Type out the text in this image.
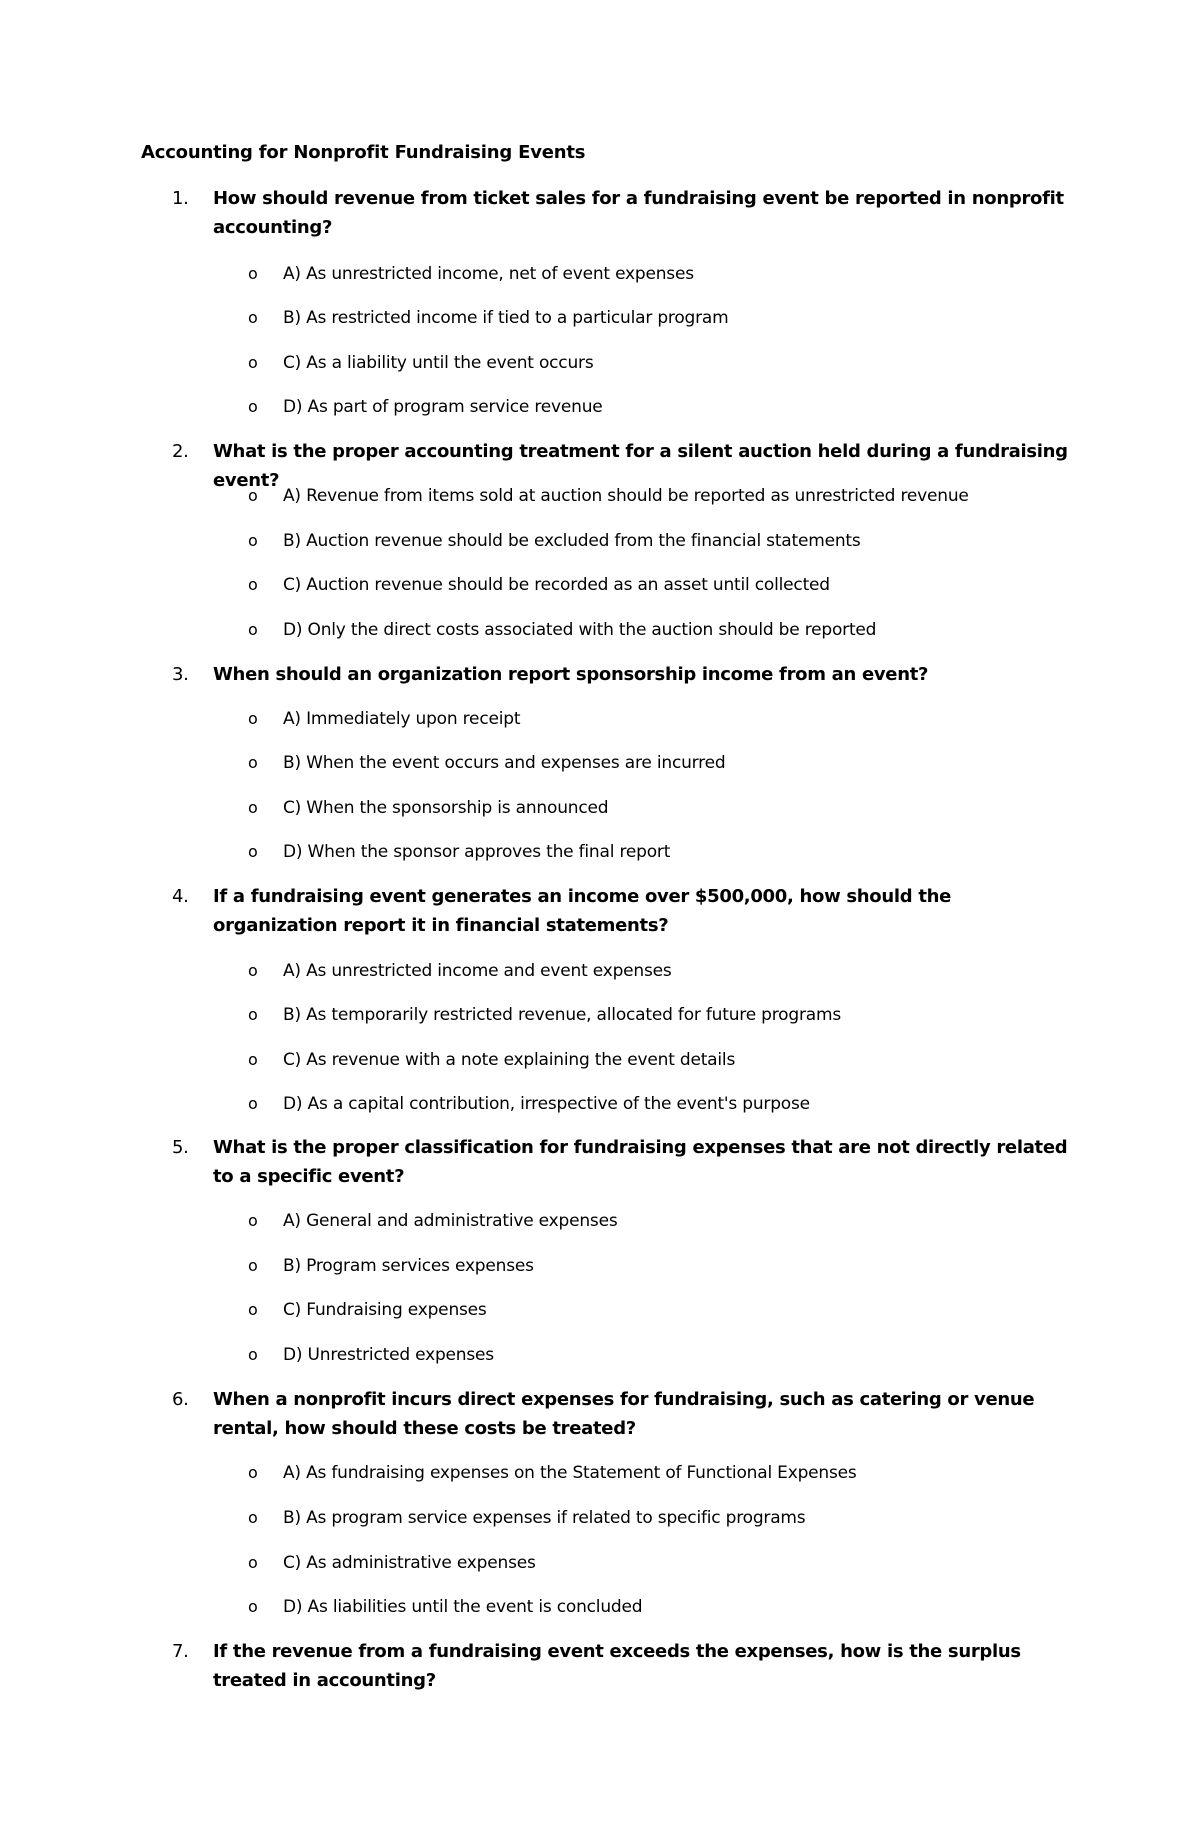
Accounting for Nonprofit Fundraising Events
1.	How should revenue from ticket sales for a fundraising event be reported in nonprofit accounting?
o A) As unrestricted income, net of event expenses
o B) As restricted income if tied to a particular program
o C) As a liability until the event occurs
o D) As part of program service revenue
2.	What is the proper accounting treatment for a silent auction held during a fundraising event?
o A) Revenue from items sold at auction should be reported as unrestricted revenue
o B) Auction revenue should be excluded from the financial statements
o C) Auction revenue should be recorded as an asset until collected
o D) Only the direct costs associated with the auction should be reported
3.	When should an organization report sponsorship income from an event?
o A) Immediately upon receipt
o B) When the event occurs and expenses are incurred
o C) When the sponsorship is announced
o D) When the sponsor approves the final report
4.	If a fundraising event generates an income over $500,000, how should the organization report it in financial statements?
o A) As unrestricted income and event expenses
o B) As temporarily restricted revenue, allocated for future programs
o C) As revenue with a note explaining the event details
o D) As a capital contribution, irrespective of the event's purpose
5.	What is the proper classification for fundraising expenses that are not directly related to a specific event?
o A) General and administrative expenses
o B) Program services expenses
o C) Fundraising expenses
o D) Unrestricted expenses
6.	When a nonprofit incurs direct expenses for fundraising, such as catering or venue rental, how should these costs be treated?
o A) As fundraising expenses on the Statement of Functional Expenses
o B) As program service expenses if related to specific programs
o C) As administrative expenses
o D) As liabilities until the event is concluded
7.	If the revenue from a fundraising event exceeds the expenses, how is the surplus treated in accounting?
